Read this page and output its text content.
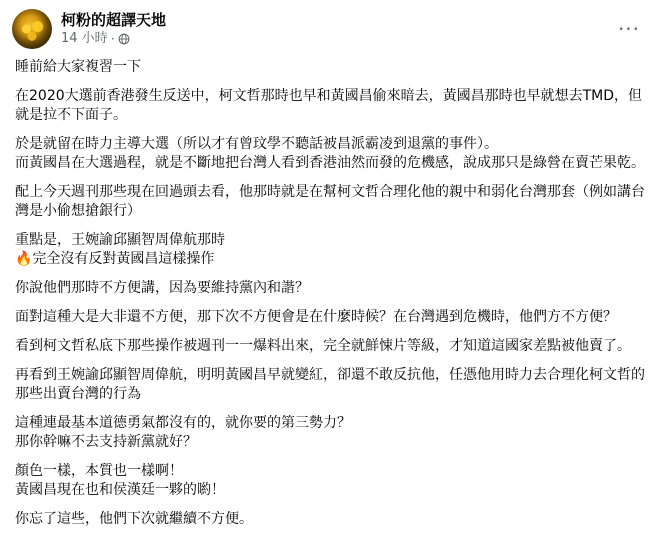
柯粉的超譯天地
14 小時 ·	···

睡前給大家複習一下

在2020大選前香港發生反送中，柯文哲那時也早和黃國昌偷來暗去，黃國昌那時也早就想去TMD，但
就是拉不下面子。

於是就留在時力主導大選（所以才有曾玟學不聽話被昌派霸凌到退黨的事件）。
而黃國昌在大選過程，就是不斷地把台灣人看到香港油然而發的危機感，說成那只是綠營在賣芒果乾。

配上今天週刊那些現在回過頭去看，他那時就是在幫柯文哲合理化他的親中和弱化台灣那套（例如講台
灣是小偷想搶銀行）

重點是，王婉諭邱顯智周偉航那時
🔥完全沒有反對黃國昌這樣操作

你說他們那時不方便講，因為要維持黨內和諧？

面對這種大是大非還不方便，那下次不方便會是在什麼時候？在台灣遇到危機時，他們方不方便？

看到柯文哲私底下那些操作被週刊一一爆料出來，完全就鮮悚片等級，才知道這國家差點被他賣了。

再看到王婉諭邱顯智周偉航，明明黃國昌早就變紅，卻還不敢反抗他，任憑他用時力去合理化柯文哲的
那些出賣台灣的行為

這種連最基本道德勇氣都沒有的，就你要的第三勢力？
那你幹嘛不去支持新黨就好？

顏色一樣，本質也一樣啊！
黃國昌現在也和侯漢廷一夥的喲！

你忘了這些，他們下次就繼續不方便。
